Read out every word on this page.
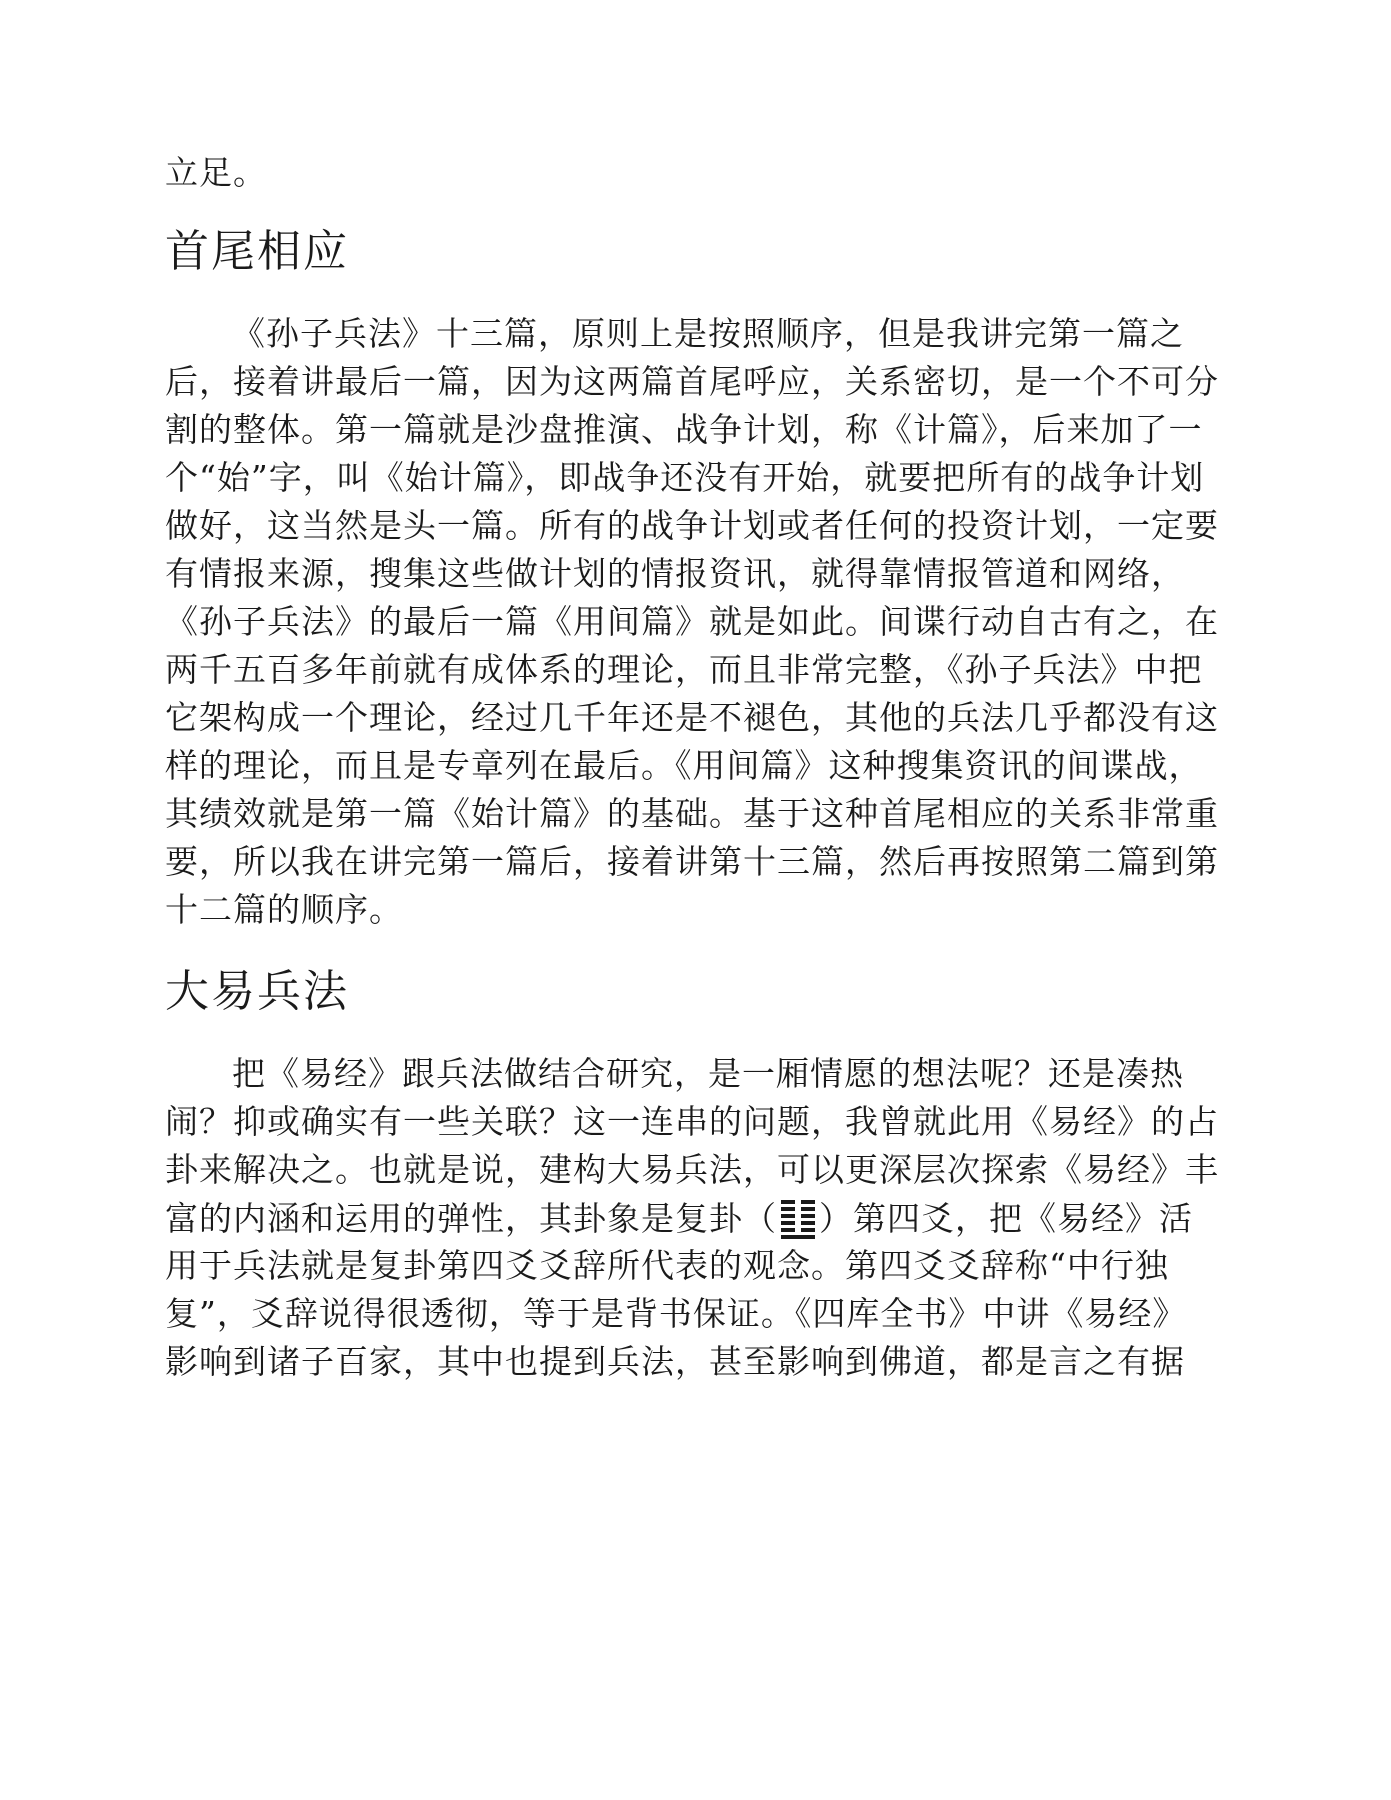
立足。
首尾相应
《孙子兵法》十三篇，原则上是按照顺序，但是我讲完第一篇之
后，接着讲最后一篇，因为这两篇首尾呼应，关系密切，是一个不可分
割的整体。第一篇就是沙盘推演、战争计划，称《计篇》，后来加了一
个“始”字，叫《始计篇》，即战争还没有开始，就要把所有的战争计划
做好，这当然是头一篇。所有的战争计划或者任何的投资计划，一定要
有情报来源，搜集这些做计划的情报资讯，就得靠情报管道和网络，
《孙子兵法》的最后一篇《用间篇》就是如此。间谍行动自古有之，在
两千五百多年前就有成体系的理论，而且非常完整，《孙子兵法》中把
它架构成一个理论，经过几千年还是不褪色，其他的兵法几乎都没有这
样的理论，而且是专章列在最后。《用间篇》这种搜集资讯的间谍战，
其绩效就是第一篇《始计篇》的基础。基于这种首尾相应的关系非常重
要，所以我在讲完第一篇后，接着讲第十三篇，然后再按照第二篇到第
十二篇的顺序。
大易兵法
把《易经》跟兵法做结合研究，是一厢情愿的想法呢？还是凑热
闹？抑或确实有一些关联？这一连串的问题，我曾就此用《易经》的占
卦来解决之。也就是说，建构大易兵法，可以更深层次探索《易经》丰
富的内涵和运用的弹性，其卦象是复卦（ ）第四爻，把《易经》活
用于兵法就是复卦第四爻爻辞所代表的观念。第四爻爻辞称“中行独
复”，爻辞说得很透彻，等于是背书保证。《四库全书》中讲《易经》
影响到诸子百家，其中也提到兵法，甚至影响到佛道，都是言之有据
